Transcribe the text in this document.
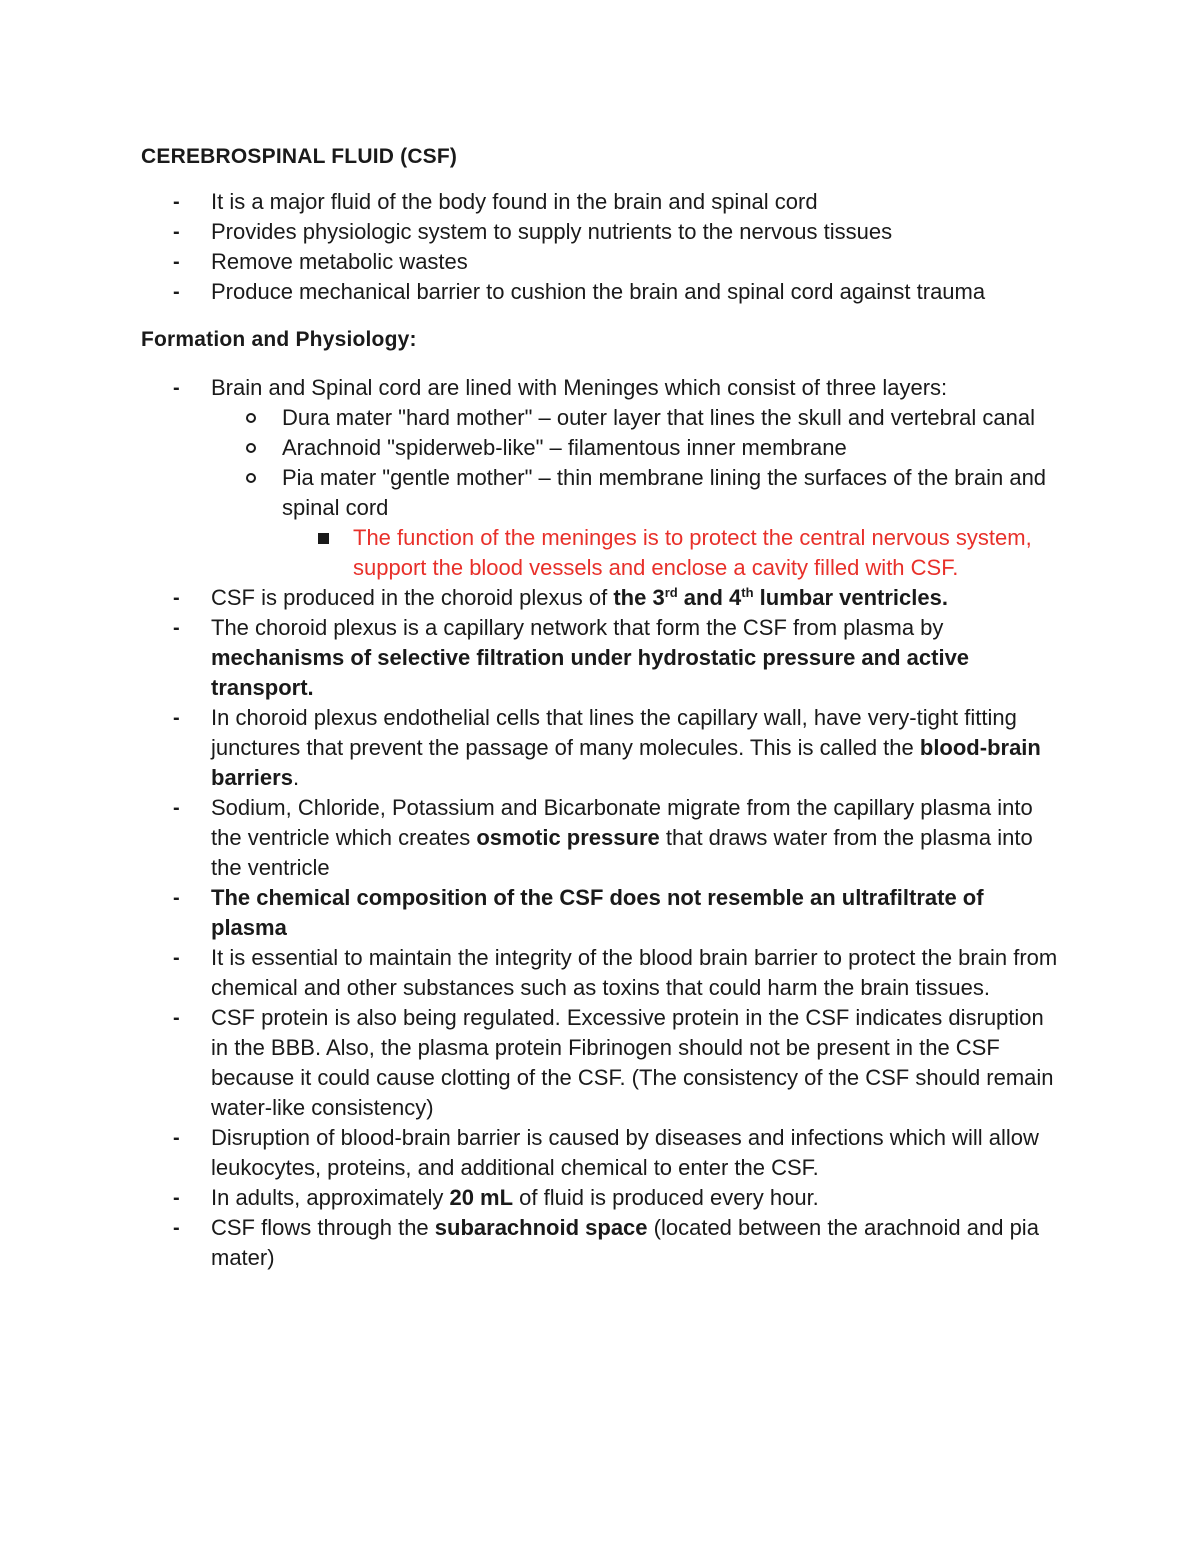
CEREBROSPINAL FLUID (CSF)
- It is a major fluid of the body found in the brain and spinal cord
- Provides physiologic system to supply nutrients to the nervous tissues
- Remove metabolic wastes
- Produce mechanical barrier to cushion the brain and spinal cord against trauma
Formation and Physiology:
- Brain and Spinal cord are lined with Meninges which consist of three layers:
Dura mater "hard mother" – outer layer that lines the skull and vertebral canal
Arachnoid "spiderweb-like" – filamentous inner membrane
Pia mater "gentle mother" – thin membrane lining the surfaces of the brain and spinal cord
The function of the meninges is to protect the central nervous system, support the blood vessels and enclose a cavity filled with CSF.
- CSF is produced in the choroid plexus of the 3rd and 4th lumbar ventricles.
- The choroid plexus is a capillary network that form the CSF from plasma by mechanisms of selective filtration under hydrostatic pressure and active transport.
- In choroid plexus endothelial cells that lines the capillary wall, have very-tight fitting junctures that prevent the passage of many molecules. This is called the blood-brain barriers.
- Sodium, Chloride, Potassium and Bicarbonate migrate from the capillary plasma into the ventricle which creates osmotic pressure that draws water from the plasma into the ventricle
- The chemical composition of the CSF does not resemble an ultrafiltrate of plasma
- It is essential to maintain the integrity of the blood brain barrier to protect the brain from chemical and other substances such as toxins that could harm the brain tissues.
- CSF protein is also being regulated. Excessive protein in the CSF indicates disruption in the BBB. Also, the plasma protein Fibrinogen should not be present in the CSF because it could cause clotting of the CSF. (The consistency of the CSF should remain water-like consistency)
- Disruption of blood-brain barrier is caused by diseases and infections which will allow leukocytes, proteins, and additional chemical to enter the CSF.
- In adults, approximately 20 mL of fluid is produced every hour.
- CSF flows through the subarachnoid space (located between the arachnoid and pia mater)
